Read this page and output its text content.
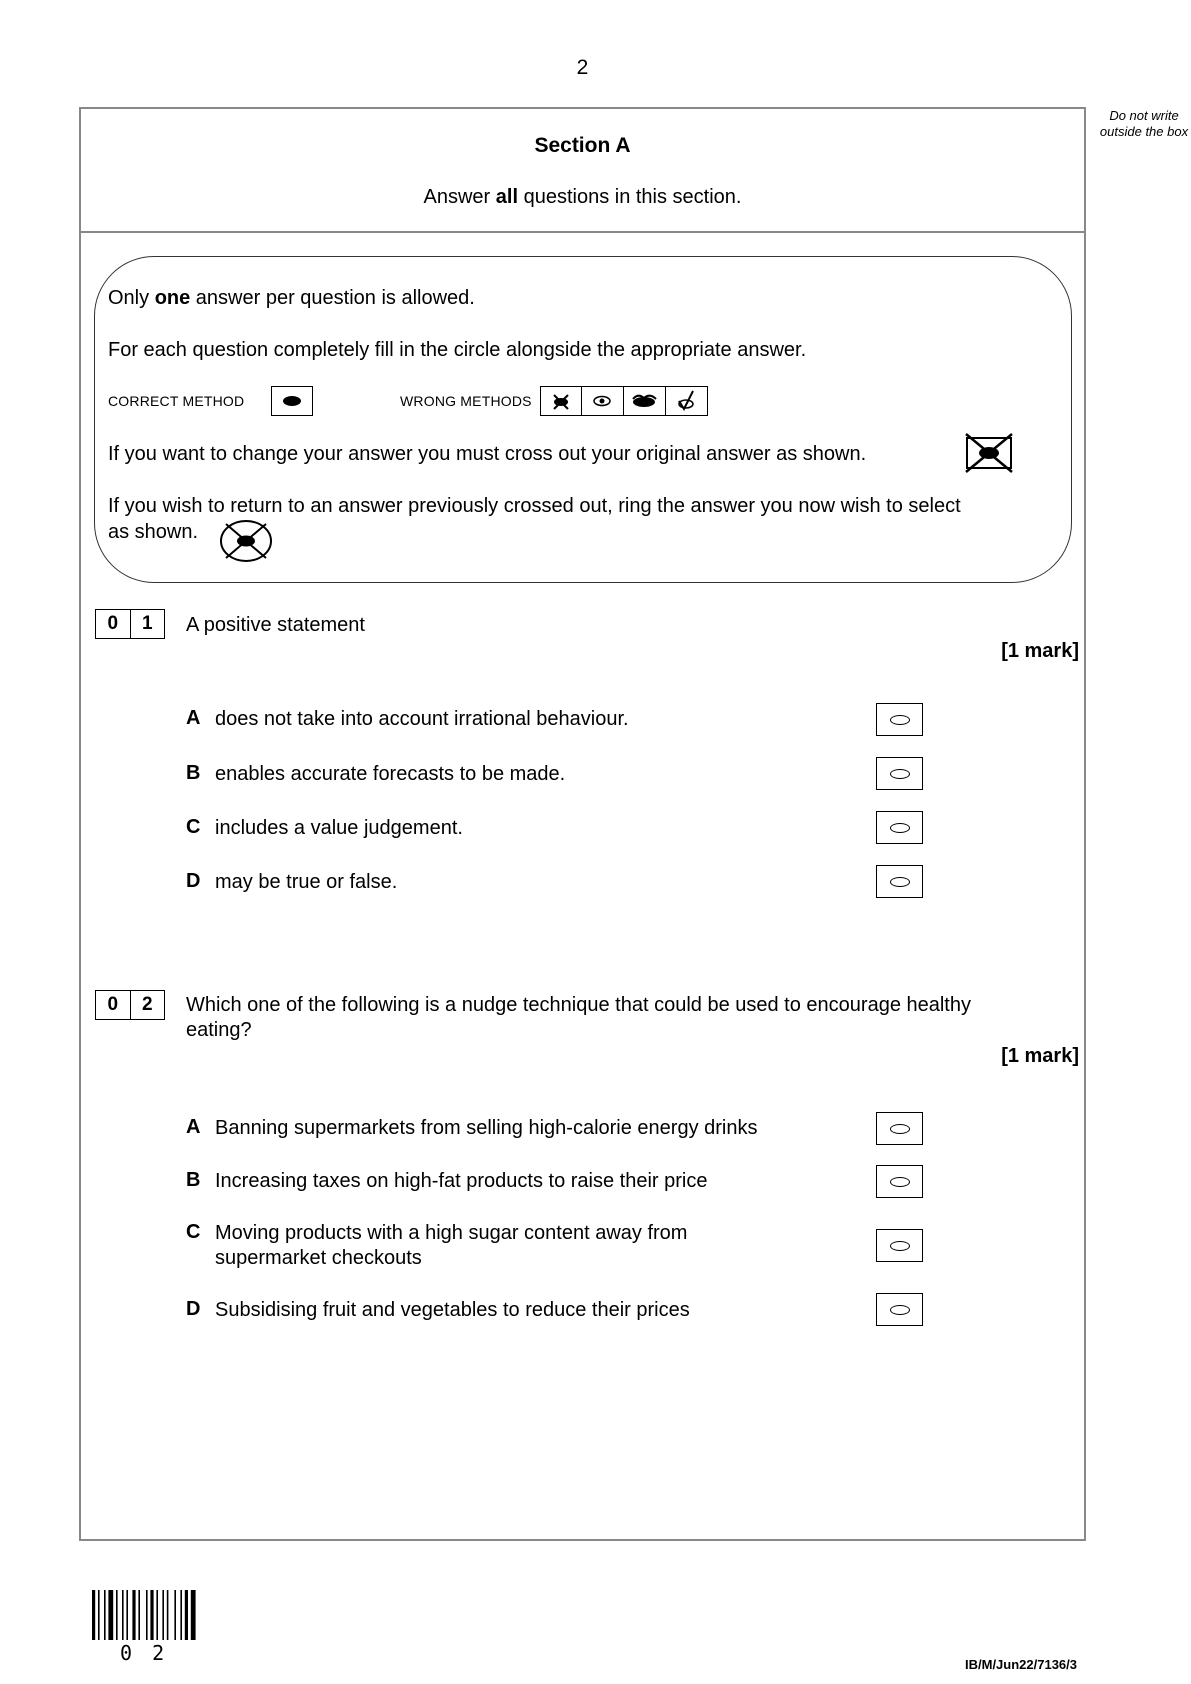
2
Do not write outside the box
Section A
Answer all questions in this section.
Only one answer per question is allowed.
For each question completely fill in the circle alongside the appropriate answer.
CORRECT METHOD	WRONG METHODS
If you want to change your answer you must cross out your original answer as shown.
If you wish to return to an answer previously crossed out, ring the answer you now wish to select
as shown.
0	1	A positive statement
[1 mark]
A does not take into account irrational behaviour.
B enables accurate forecasts to be made.
C includes a value judgement.
D may be true or false.
0	2	Which one of the following is a nudge technique that could be used to encourage healthy
eating?
[1 mark]
A Banning supermarkets from selling high-calorie energy drinks
B Increasing taxes on high-fat products to raise their price
C Moving products with a high sugar content away from
supermarket checkouts
D Subsidising fruit and vegetables to reduce their prices
0 2	IB/M/Jun22/7136/3
